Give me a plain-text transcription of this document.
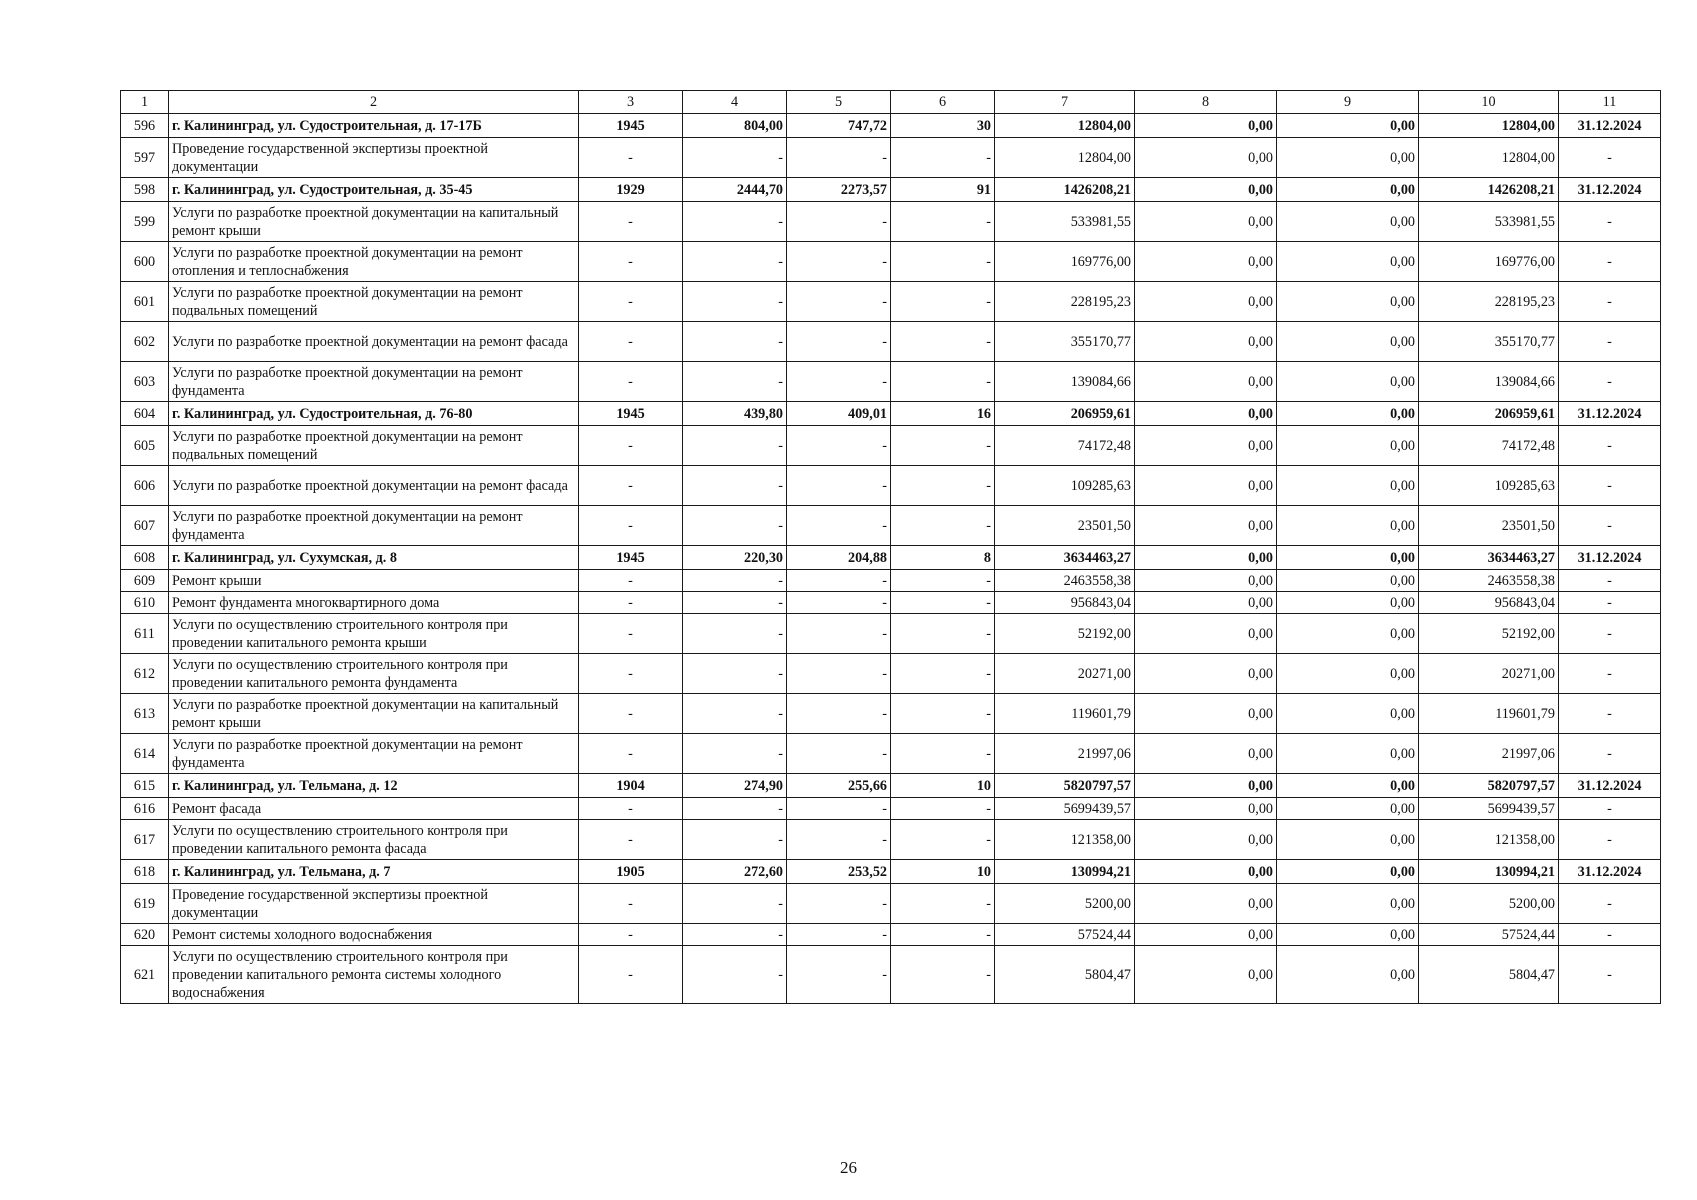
1	2	3	4	5	6	7	8	9	10	11
596	г. Калининград, ул. Судостроительная, д. 17-17Б	1945	804,00	747,72	30	12804,00	0,00	0,00	12804,00	31.12.2024
597	Проведение государственной экспертизы проектной документации	-	-	-	-	12804,00	0,00	0,00	12804,00	-
598	г. Калининград, ул. Судостроительная, д. 35-45	1929	2444,70	2273,57	91	1426208,21	0,00	0,00	1426208,21	31.12.2024
599	Услуги по разработке проектной документации на капитальный ремонт крыши	-	-	-	-	533981,55	0,00	0,00	533981,55	-
600	Услуги по разработке проектной документации на ремонт отопления и теплоснабжения	-	-	-	-	169776,00	0,00	0,00	169776,00	-
601	Услуги по разработке проектной документации на ремонт подвальных помещений	-	-	-	-	228195,23	0,00	0,00	228195,23	-
602	Услуги по разработке проектной документации на ремонт фасада	-	-	-	-	355170,77	0,00	0,00	355170,77	-
603	Услуги по разработке проектной документации на ремонт фундамента	-	-	-	-	139084,66	0,00	0,00	139084,66	-
604	г. Калининград, ул. Судостроительная, д. 76-80	1945	439,80	409,01	16	206959,61	0,00	0,00	206959,61	31.12.2024
605	Услуги по разработке проектной документации на ремонт подвальных помещений	-	-	-	-	74172,48	0,00	0,00	74172,48	-
606	Услуги по разработке проектной документации на ремонт фасада	-	-	-	-	109285,63	0,00	0,00	109285,63	-
607	Услуги по разработке проектной документации на ремонт фундамента	-	-	-	-	23501,50	0,00	0,00	23501,50	-
608	г. Калининград, ул. Сухумская, д. 8	1945	220,30	204,88	8	3634463,27	0,00	0,00	3634463,27	31.12.2024
609	Ремонт крыши	-	-	-	-	2463558,38	0,00	0,00	2463558,38	-
610	Ремонт фундамента многоквартирного дома	-	-	-	-	956843,04	0,00	0,00	956843,04	-
611	Услуги по осуществлению строительного контроля при проведении капитального ремонта крыши	-	-	-	-	52192,00	0,00	0,00	52192,00	-
612	Услуги по осуществлению строительного контроля при проведении капитального ремонта фундамента	-	-	-	-	20271,00	0,00	0,00	20271,00	-
613	Услуги по разработке проектной документации на капитальный ремонт крыши	-	-	-	-	119601,79	0,00	0,00	119601,79	-
614	Услуги по разработке проектной документации на ремонт фундамента	-	-	-	-	21997,06	0,00	0,00	21997,06	-
615	г. Калининград, ул. Тельмана, д. 12	1904	274,90	255,66	10	5820797,57	0,00	0,00	5820797,57	31.12.2024
616	Ремонт фасада	-	-	-	-	5699439,57	0,00	0,00	5699439,57	-
617	Услуги по осуществлению строительного контроля при проведении капитального ремонта фасада	-	-	-	-	121358,00	0,00	0,00	121358,00	-
618	г. Калининград, ул. Тельмана, д. 7	1905	272,60	253,52	10	130994,21	0,00	0,00	130994,21	31.12.2024
619	Проведение государственной экспертизы проектной документации	-	-	-	-	5200,00	0,00	0,00	5200,00	-
620	Ремонт системы холодного водоснабжения	-	-	-	-	57524,44	0,00	0,00	57524,44	-
621	Услуги по осуществлению строительного контроля при проведении капитального ремонта системы холодного водоснабжения	-	-	-	-	5804,47	0,00	0,00	5804,47	-
26
